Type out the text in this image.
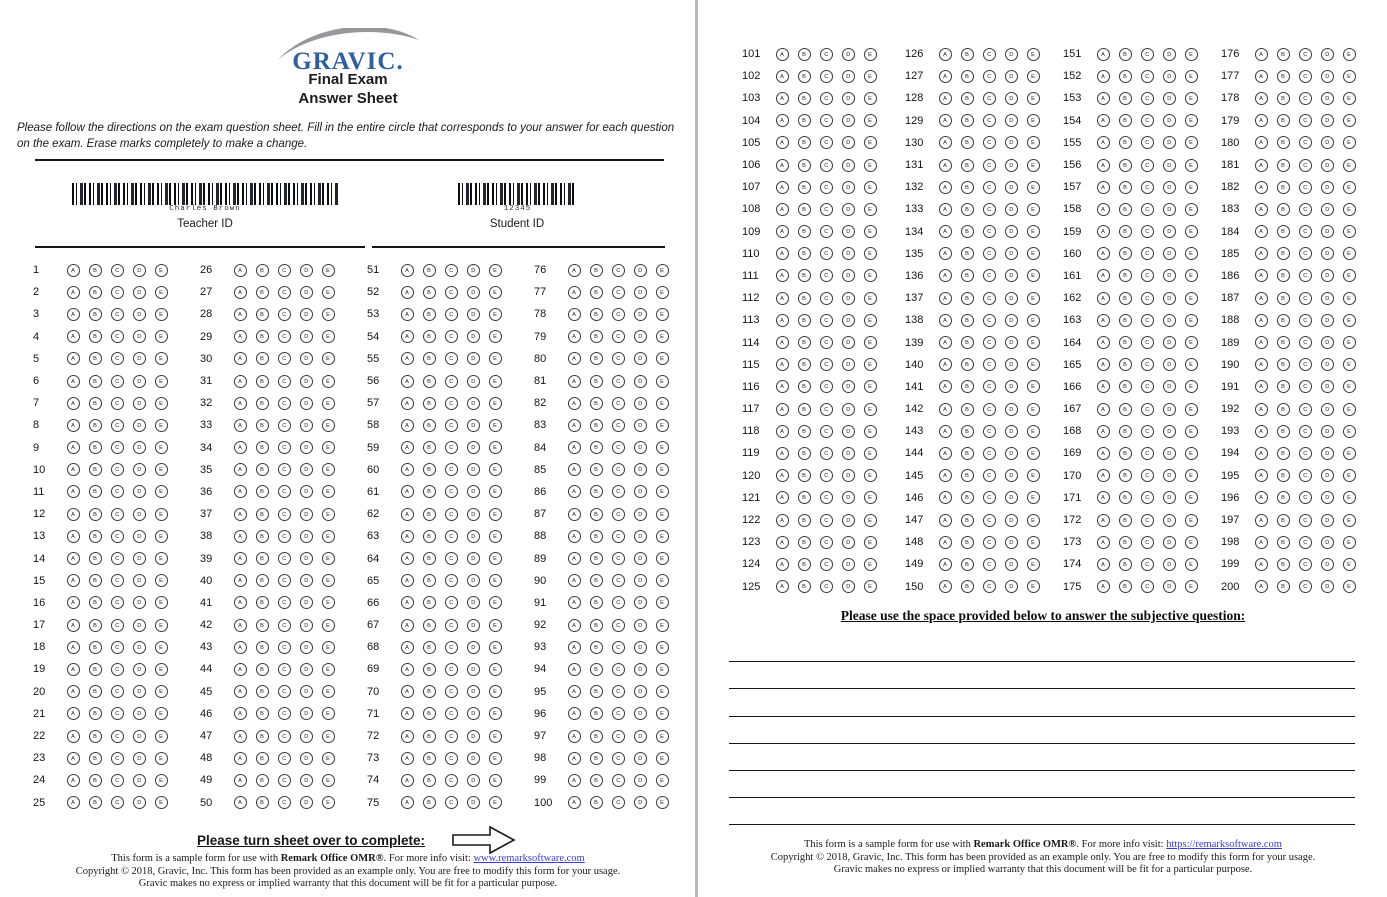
GRAVIC.
Final Exam
Answer Sheet
Please follow the directions on the exam question sheet. Fill in the entire circle that corresponds to your answer for each question on the exam. Erase marks completely to make a change.
Charles Brown
Teacher ID
12345
Student ID
1	A B C D E
2	A B C D E
3	A B C D E
4	A B C D E
5	A B C D E
6	A B C D E
7	A B C D E
8	A B C D E
9	A B C D E
10	A B C D E
11	A B C D E
12	A B C D E
13	A B C D E
14	A B C D E
15	A B C D E
16	A B C D E
17	A B C D E
18	A B C D E
19	A B C D E
20	A B C D E
21	A B C D E
22	A B C D E
23	A B C D E
24	A B C D E
25	A B C D E
26	A B C D E
27	A B C D E
28	A B C D E
29	A B C D E
30	A B C D E
31	A B C D E
32	A B C D E
33	A B C D E
34	A B C D E
35	A B C D E
36	A B C D E
37	A B C D E
38	A B C D E
39	A B C D E
40	A B C D E
41	A B C D E
42	A B C D E
43	A B C D E
44	A B C D E
45	A B C D E
46	A B C D E
47	A B C D E
48	A B C D E
49	A B C D E
50	A B C D E
51	A B C D E
52	A B C D E
53	A B C D E
54	A B C D E
55	A B C D E
56	A B C D E
57	A B C D E
58	A B C D E
59	A B C D E
60	A B C D E
61	A B C D E
62	A B C D E
63	A B C D E
64	A B C D E
65	A B C D E
66	A B C D E
67	A B C D E
68	A B C D E
69	A B C D E
70	A B C D E
71	A B C D E
72	A B C D E
73	A B C D E
74	A B C D E
75	A B C D E
76	A B C D E
77	A B C D E
78	A B C D E
79	A B C D E
80	A B C D E
81	A B C D E
82	A B C D E
83	A B C D E
84	A B C D E
85	A B C D E
86	A B C D E
87	A B C D E
88	A B C D E
89	A B C D E
90	A B C D E
91	A B C D E
92	A B C D E
93	A B C D E
94	A B C D E
95	A B C D E
96	A B C D E
97	A B C D E
98	A B C D E
99	A B C D E
100	A B C D E
Please turn sheet over to complete:
This form is a sample form for use with Remark Office OMR®. For more info visit: www.remarksoftware.com
Copyright © 2018, Gravic, Inc. This form has been provided as an example only. You are free to modify this form for your usage.
Gravic makes no express or implied warranty that this document will be fit for a particular purpose.
101	A B C D E
102	A B C D E
103	A B C D E
104	A B C D E
105	A B C D E
106	A B C D E
107	A B C D E
108	A B C D E
109	A B C D E
110	A B C D E
111	A B C D E
112	A B C D E
113	A B C D E
114	A B C D E
115	A B C D E
116	A B C D E
117	A B C D E
118	A B C D E
119	A B C D E
120	A B C D E
121	A B C D E
122	A B C D E
123	A B C D E
124	A B C D E
125	A B C D E
126	A B C D E
127	A B C D E
128	A B C D E
129	A B C D E
130	A B C D E
131	A B C D E
132	A B C D E
133	A B C D E
134	A B C D E
135	A B C D E
136	A B C D E
137	A B C D E
138	A B C D E
139	A B C D E
140	A B C D E
141	A B C D E
142	A B C D E
143	A B C D E
144	A B C D E
145	A B C D E
146	A B C D E
147	A B C D E
148	A B C D E
149	A B C D E
150	A B C D E
151	A B C D E
152	A B C D E
153	A B C D E
154	A B C D E
155	A B C D E
156	A B C D E
157	A B C D E
158	A B C D E
159	A B C D E
160	A B C D E
161	A B C D E
162	A B C D E
163	A B C D E
164	A B C D E
165	A B C D E
166	A B C D E
167	A B C D E
168	A B C D E
169	A B C D E
170	A B C D E
171	A B C D E
172	A B C D E
173	A B C D E
174	A B C D E
175	A B C D E
176	A B C D E
177	A B C D E
178	A B C D E
179	A B C D E
180	A B C D E
181	A B C D E
182	A B C D E
183	A B C D E
184	A B C D E
185	A B C D E
186	A B C D E
187	A B C D E
188	A B C D E
189	A B C D E
190	A B C D E
191	A B C D E
192	A B C D E
193	A B C D E
194	A B C D E
195	A B C D E
196	A B C D E
197	A B C D E
198	A B C D E
199	A B C D E
200	A B C D E
Please use the space provided below to answer the subjective question:
This form is a sample form for use with Remark Office OMR®. For more info visit: https://remarksoftware.com
Copyright © 2018, Gravic, Inc. This form has been provided as an example only. You are free to modify this form for your usage.
Gravic makes no express or implied warranty that this document will be fit for a particular purpose.
